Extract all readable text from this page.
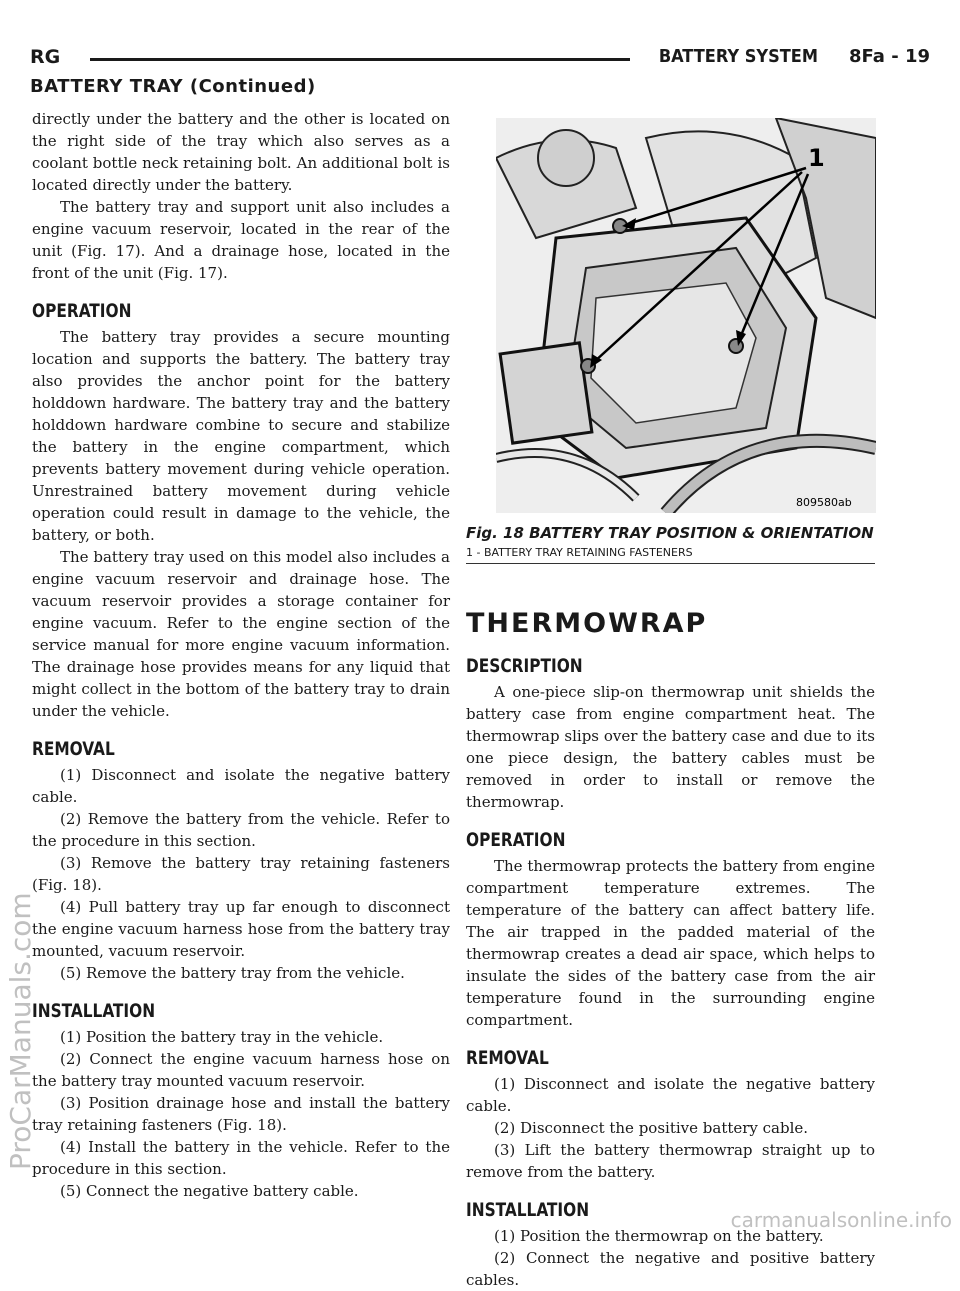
RG	BATTERY SYSTEM 8Fa - 19
BATTERY TRAY (Continued)

directly under the battery and the other is located on the right side of the tray which also serves as a coolant bottle neck retaining bolt. An additional bolt is located directly under the battery.

The battery tray and support unit also includes a engine vacuum reservoir, located in the rear of the unit (Fig. 17). And a drainage hose, located in the front of the unit (Fig. 17).

OPERATION

The battery tray provides a secure mounting location and supports the battery. The battery tray also provides the anchor point for the battery holddown hardware. The battery tray and the battery holddown hardware combine to secure and stabilize the battery in the engine compartment, which prevents battery movement during vehicle operation. Unrestrained battery movement during vehicle operation could result in damage to the vehicle, the battery, or both.

The battery tray used on this model also includes a engine vacuum reservoir and drainage hose. The vacuum reservoir provides a storage container for engine vacuum. Refer to the engine section of the service manual for more engine vacuum information. The drainage hose provides means for any liquid that might collect in the bottom of the battery tray to drain under the vehicle.

REMOVAL

(1) Disconnect and isolate the negative battery cable.

(2) Remove the battery from the vehicle. Refer to the procedure in this section.

(3) Remove the battery tray retaining fasteners (Fig. 18).

(4) Pull battery tray up far enough to disconnect the engine vacuum harness hose from the battery tray mounted, vacuum reservoir.

(5) Remove the battery tray from the vehicle.

INSTALLATION

(1) Position the battery tray in the vehicle.

(2) Connect the engine vacuum harness hose on the battery tray mounted vacuum reservoir.

(3) Position drainage hose and install the battery tray retaining fasteners (Fig. 18).

(4) Install the battery in the vehicle. Refer to the procedure in this section.

(5) Connect the negative battery cable.

1
809580ab
Fig. 18 BATTERY TRAY POSITION & ORIENTATION
1 - BATTERY TRAY RETAINING FASTENERS
THERMOWRAP
DESCRIPTION

A one-piece slip-on thermowrap unit shields the battery case from engine compartment heat. The thermowrap slips over the battery case and due to its one piece design, the battery cables must be removed in order to install or remove the thermowrap.

OPERATION

The thermowrap protects the battery from engine compartment temperature extremes. The temperature of the battery can affect battery life. The air trapped in the padded material of the thermowrap creates a dead air space, which helps to insulate the sides of the battery case from the air temperature found in the surrounding engine compartment.

REMOVAL

(1) Disconnect and isolate the negative battery cable.

(2) Disconnect the positive battery cable.

(3) Lift the battery thermowrap straight up to remove from the battery.

INSTALLATION

(1) Position the thermowrap on the battery.

(2) Connect the negative and positive battery cables.

ProCarManuals.com
carmanualsonline.info
